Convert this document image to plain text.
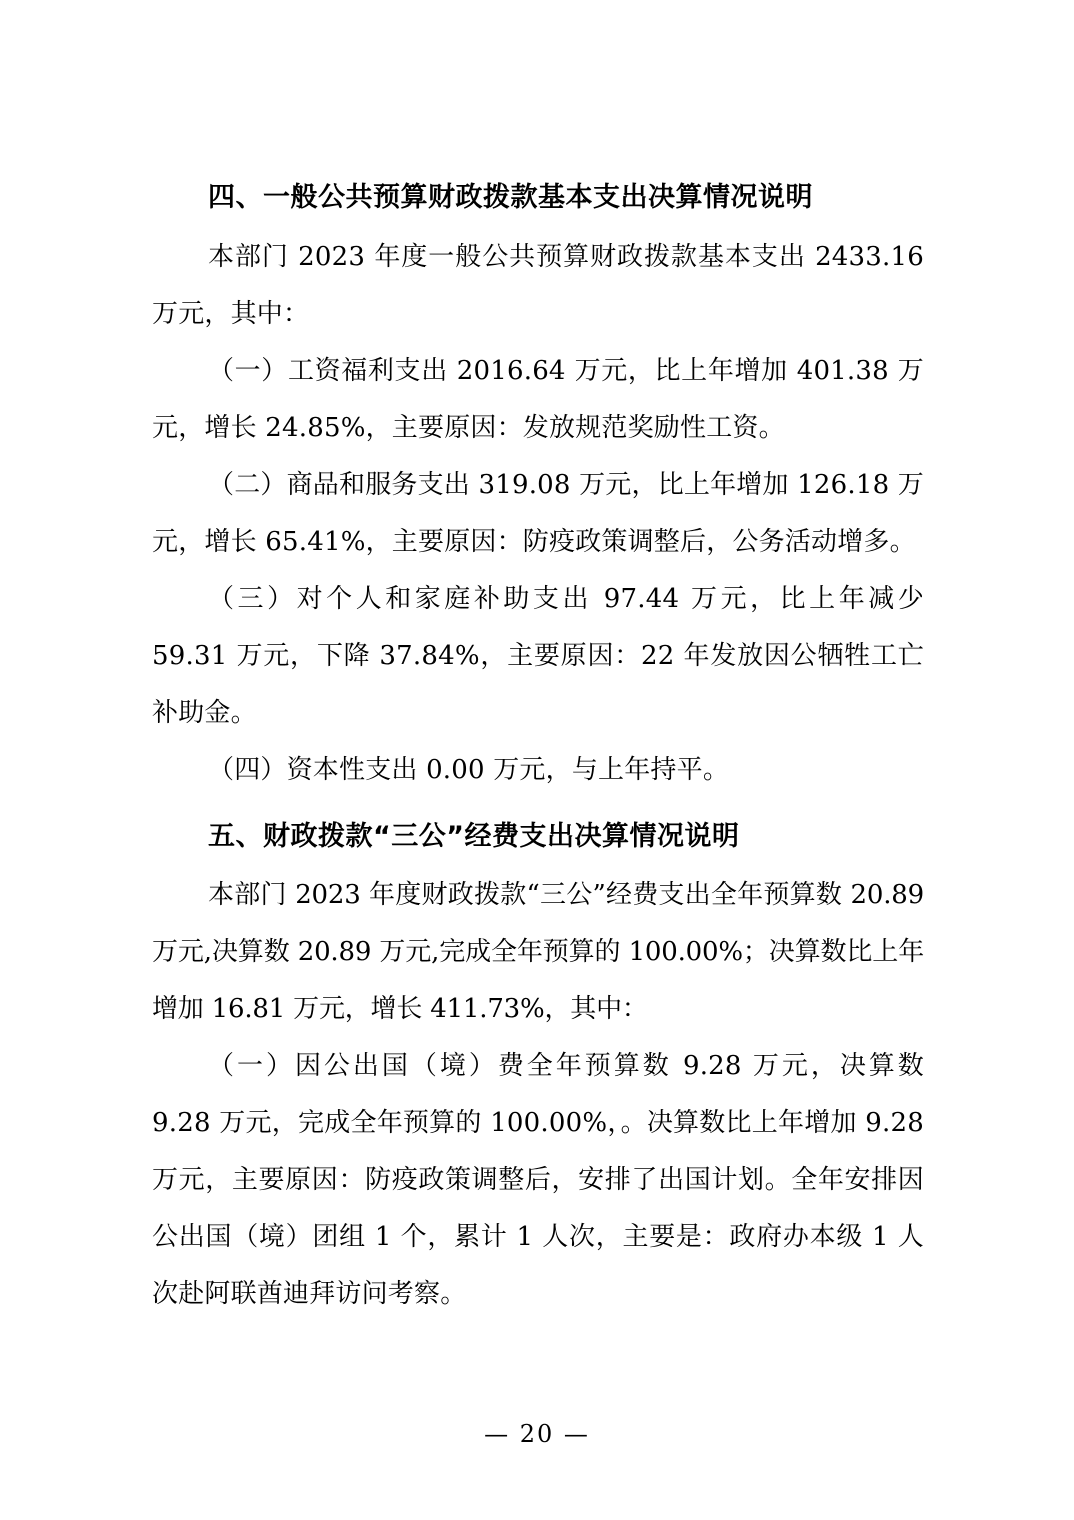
四、一般公共预算财政拨款基本支出决算情况说明

本部门 2023 年度一般公共预算财政拨款基本支出 2433.16 万元，其中：

（一）工资福利支出 2016.64 万元，比上年增加 401.38 万元，增长 24.85%，主要原因：发放规范奖励性工资。

（二）商品和服务支出 319.08 万元，比上年增加 126.18 万元，增长 65.41%，主要原因：防疫政策调整后，公务活动增多。

（三）对个人和家庭补助支出 97.44 万元，比上年减少 59.31 万元，下降 37.84%，主要原因：22 年发放因公牺牲工亡补助金。

（四）资本性支出 0.00 万元，与上年持平。

五、财政拨款“三公”经费支出决算情况说明

本部门 2023 年度财政拨款“三公”经费支出全年预算数 20.89 万元,决算数 20.89 万元,完成全年预算的 100.00%；决算数比上年增加 16.81 万元，增长 411.73%，其中：

（一）因公出国（境）费全年预算数 9.28 万元，决算数 9.28 万元，完成全年预算的 100.00%，。决算数比上年增加 9.28 万元，主要原因：防疫政策调整后，安排了出国计划。全年安排因公出国（境）团组 1 个，累计 1 人次，主要是：政府办本级 1 人次赴阿联酋迪拜访问考察。

— 20 —
